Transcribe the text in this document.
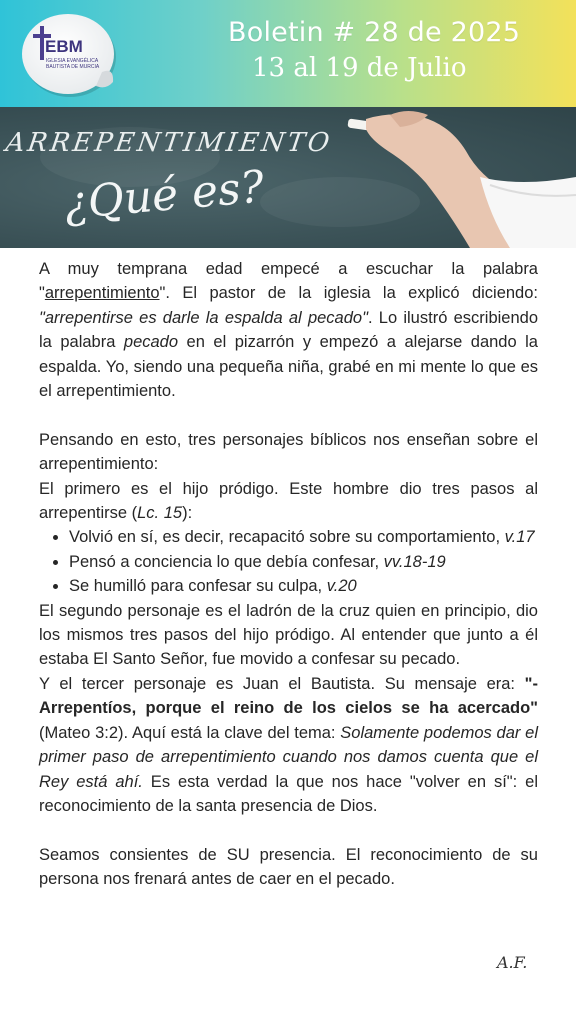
EBM
IGLESIA EVANGÉLICA
BAUTISTA DE MURCIA
Boletin # 28 de 2025
13 al 19 de Julio
ARREPENTIMIENTO
¿Qué es?

A muy temprana edad empecé a escuchar la palabra "arrepentimiento". El pastor de la iglesia la explicó diciendo: "arrepentirse es darle la espalda al pecado". Lo ilustró escribiendo la palabra pecado en el pizarrón y empezó a alejarse dando la espalda. Yo, siendo una pequeña niña, grabé en mi mente lo que es el arrepentimiento.

Pensando en esto, tres personajes bíblicos nos enseñan sobre el arrepentimiento:

El primero es el hijo pródigo. Este hombre dio tres pasos al arrepentirse (Lc. 15):

• Volvió en sí, es decir, recapacitó sobre su comportamiento, v.17
• Pensó a conciencia lo que debía confesar, vv.18-19
• Se humilló para confesar su culpa, v.20

El segundo personaje es el ladrón de la cruz quien en principio, dio los mismos tres pasos del hijo pródigo. Al entender que junto a él estaba El Santo Señor, fue movido a confesar su pecado.

Y el tercer personaje es Juan el Bautista. Su mensaje era: "-Arrepentíos, porque el reino de los cielos se ha acercado" (Mateo 3:2). Aquí está la clave del tema: Solamente podemos dar el primer paso de arrepentimiento cuando nos damos cuenta que el Rey está ahí. Es esta verdad la que nos hace "volver en sí": el reconocimiento de la santa presencia de Dios.

Seamos consientes de SU presencia. El reconocimiento de su persona nos frenará antes de caer en el pecado.

A.F.
